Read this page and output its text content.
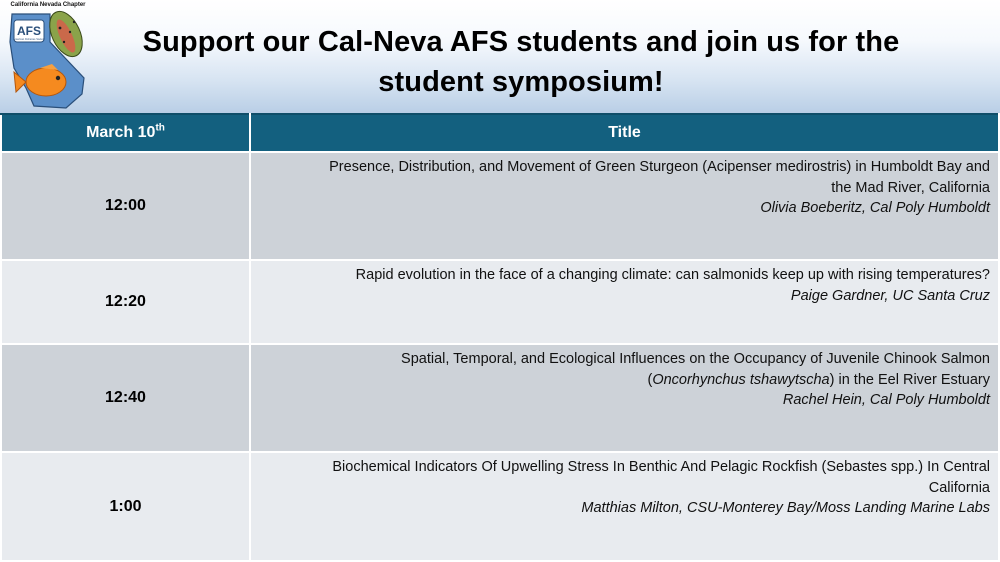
California Nevada Chapter
AFS
American Fisheries Society	Support our Cal-Neva AFS students and join us for the
student symposium!
March 10th	Title
12:00	Presence, Distribution, and Movement of Green Sturgeon (Acipenser medirostris) in Humboldt Bay and
the Mad River, California
Olivia Boeberitz, Cal Poly Humboldt

12:20	Rapid evolution in the face of a changing climate: can salmonids keep up with rising temperatures?
Paige Gardner, UC Santa Cruz

12:40	Spatial, Temporal, and Ecological Influences on the Occupancy of Juvenile Chinook Salmon
(Oncorhynchus tshawytscha) in the Eel River Estuary
Rachel Hein, Cal Poly Humboldt

1:00	Biochemical Indicators Of Upwelling Stress In Benthic And Pelagic Rockfish (Sebastes spp.) In Central
California
Matthias Milton, CSU-Monterey Bay/Moss Landing Marine Labs
